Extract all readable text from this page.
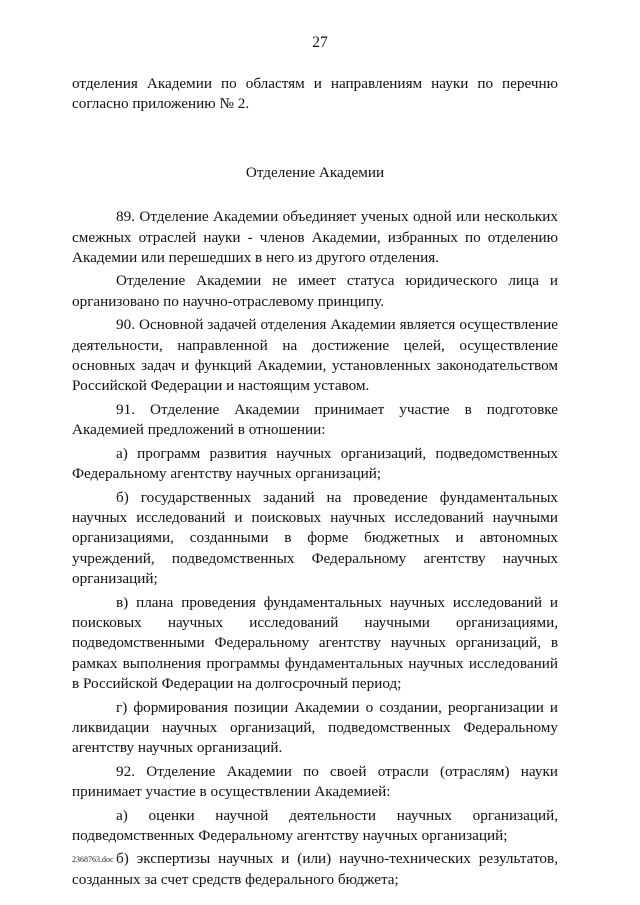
27

отделения Академии по областям и направлениям науки по перечню согласно приложению № 2.

Отделение Академии

89. Отделение Академии объединяет ученых одной или нескольких смежных отраслей науки - членов Академии, избранных по отделению Академии или перешедших в него из другого отделения.

Отделение Академии не имеет статуса юридического лица и организовано по научно-отраслевому принципу.

90. Основной задачей отделения Академии является осуществление деятельности, направленной на достижение целей, осуществление основных задач и функций Академии, установленных законодательством Российской Федерации и настоящим уставом.

91. Отделение Академии принимает участие в подготовке Академией предложений в отношении:

а) программ развития научных организаций, подведомственных Федеральному агентству научных организаций;

б) государственных заданий на проведение фундаментальных научных исследований и поисковых научных исследований научными организациями, созданными в форме бюджетных и автономных учреждений, подведомственных Федеральному агентству научных организаций;

в) плана проведения фундаментальных научных исследований и поисковых научных исследований научными организациями, подведомственными Федеральному агентству научных организаций, в рамках выполнения программы фундаментальных научных исследований в Российской Федерации на долгосрочный период;

г) формирования позиции Академии о создании, реорганизации и ликвидации научных организаций, подведомственных Федеральному агентству научных организаций.

92. Отделение Академии по своей отрасли (отраслям) науки принимает участие в осуществлении Академией:

а) оценки научной деятельности научных организаций, подведомственных Федеральному агентству научных организаций;

б) экспертизы научных и (или) научно-технических результатов, созданных за счет средств федерального бюджета;

2368763.doc
